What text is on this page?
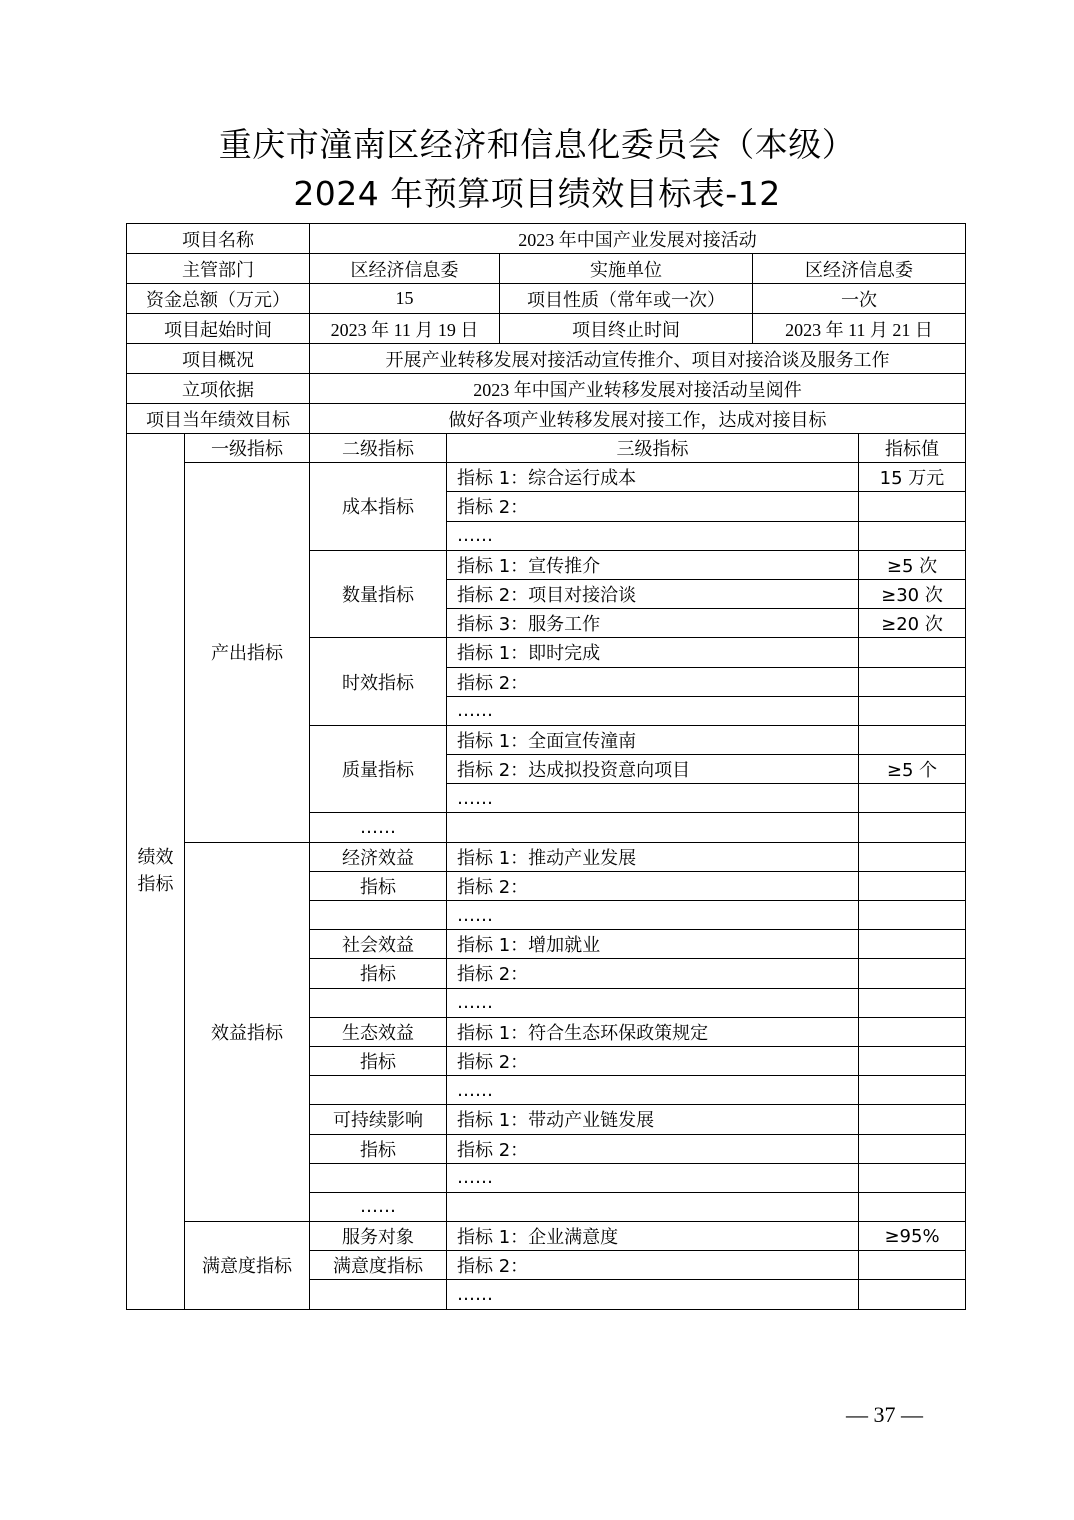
重庆市潼南区经济和信息化委员会（本级）
2024 年预算项目绩效目标表-12
项目名称		2023 年中国产业发展对接活动				
主管部门		区经济信息委		实施单位	区经济信息委	
资金总额（万元）		15		项目性质（常年或一次）	一次	
项目起始时间		2023 年 11 月 19 日		项目终止时间	2023 年 11 月 21 日	
项目概况		开展产业转移发展对接活动宣传推介、项目对接洽谈及服务工作				
立项依据		2023 年中国产业转移发展对接活动呈阅件				
项目当年绩效目标		做好各项产业转移发展对接工作，达成对接目标				
绩效指标	一级指标	二级指标	三级指标			指标值
	产出指标	成本指标	指标 1：综合运行成本			15 万元
			指标 2：			
			……			
		数量指标	指标 1：宣传推介			≥5 次
			指标 2：项目对接洽谈			≥30 次
			指标 3：服务工作			≥20 次
		时效指标	指标 1：即时完成			
			指标 2：			
			……			
		质量指标	指标 1：全面宣传潼南			
			指标 2：达成拟投资意向项目			≥5 个
			……			
		……				
	效益指标	经济效益	指标 1：推动产业发展			
		指标	指标 2：			
			……			
		社会效益	指标 1：增加就业			
		指标	指标 2：			
			……			
		生态效益	指标 1：符合生态环保政策规定			
		指标	指标 2：			
			……			
		可持续影响	指标 1：带动产业链发展			
		指标	指标 2：			
			……			
		……				
	满意度指标	服务对象	指标 1：企业满意度			≥95%
		满意度指标	指标 2：			
			……			
— 37 —
